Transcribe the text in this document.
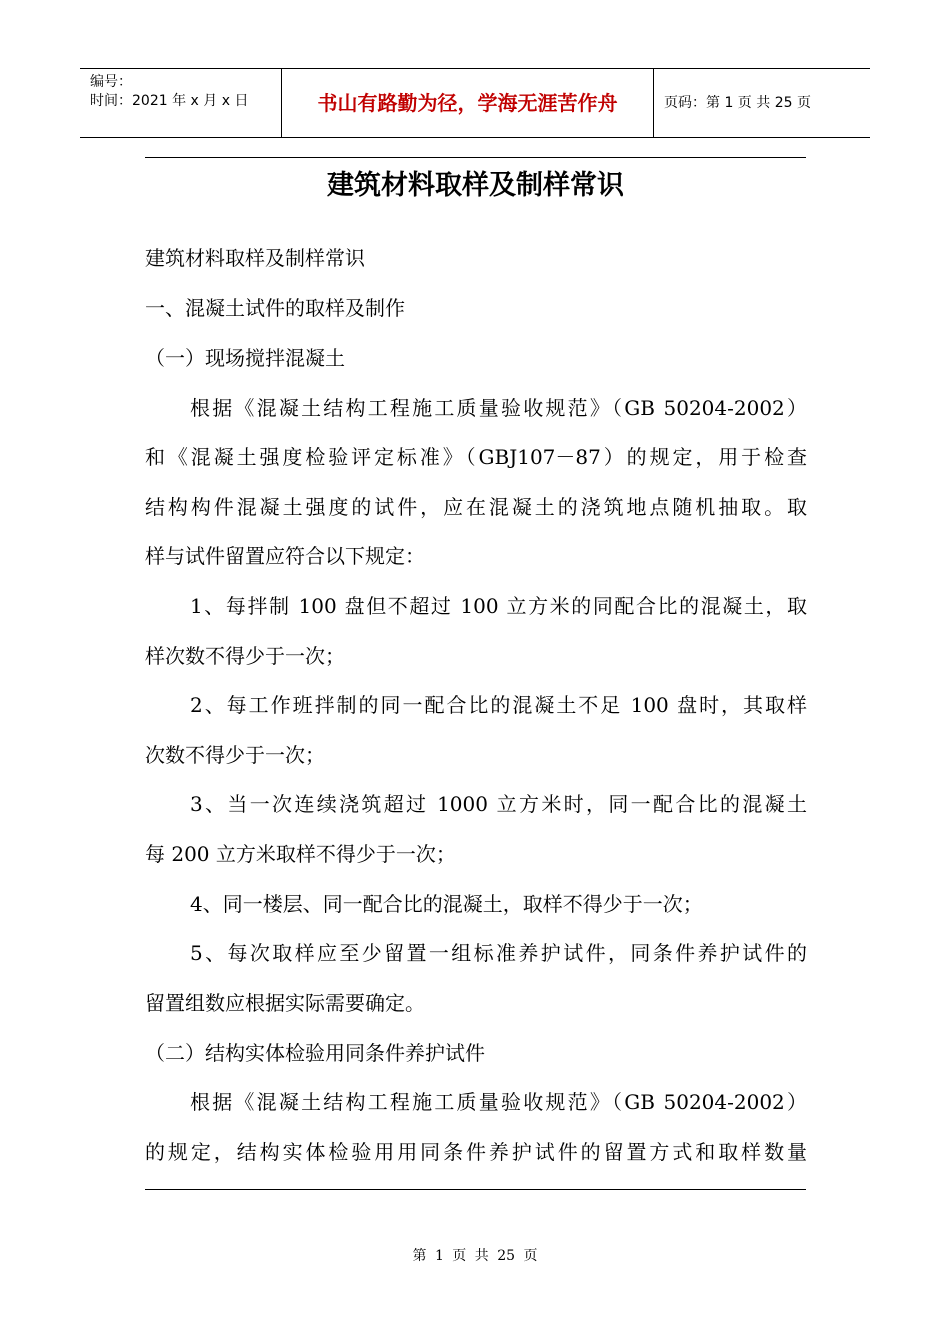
编号：
时间：2021 年 x 月 x 日	书山有路勤为径，学海无涯苦作舟	页码：第 1 页 共 25 页
建筑材料取样及制样常识
建筑材料取样及制样常识
一、混凝土试件的取样及制作
（一）现场搅拌混凝土
根据《混凝土结构工程施工质量验收规范》（GB 50204-2002）
和《混凝土强度检验评定标准》（GBJ107－87）的规定，用于检查
结构构件混凝土强度的试件，应在混凝土的浇筑地点随机抽取。取
样与试件留置应符合以下规定：
1、每拌制 100 盘但不超过 100 立方米的同配合比的混凝土，取
样次数不得少于一次；
2、每工作班拌制的同一配合比的混凝土不足 100 盘时，其取样
次数不得少于一次；
3、当一次连续浇筑超过 1000 立方米时，同一配合比的混凝土
每 200 立方米取样不得少于一次；
4、同一楼层、同一配合比的混凝土，取样不得少于一次；
5、每次取样应至少留置一组标准养护试件，同条件养护试件的
留置组数应根据实际需要确定。
（二）结构实体检验用同条件养护试件
根据《混凝土结构工程施工质量验收规范》（GB 50204-2002）
的规定，结构实体检验用用同条件养护试件的留置方式和取样数量
第 1 页 共 25 页
